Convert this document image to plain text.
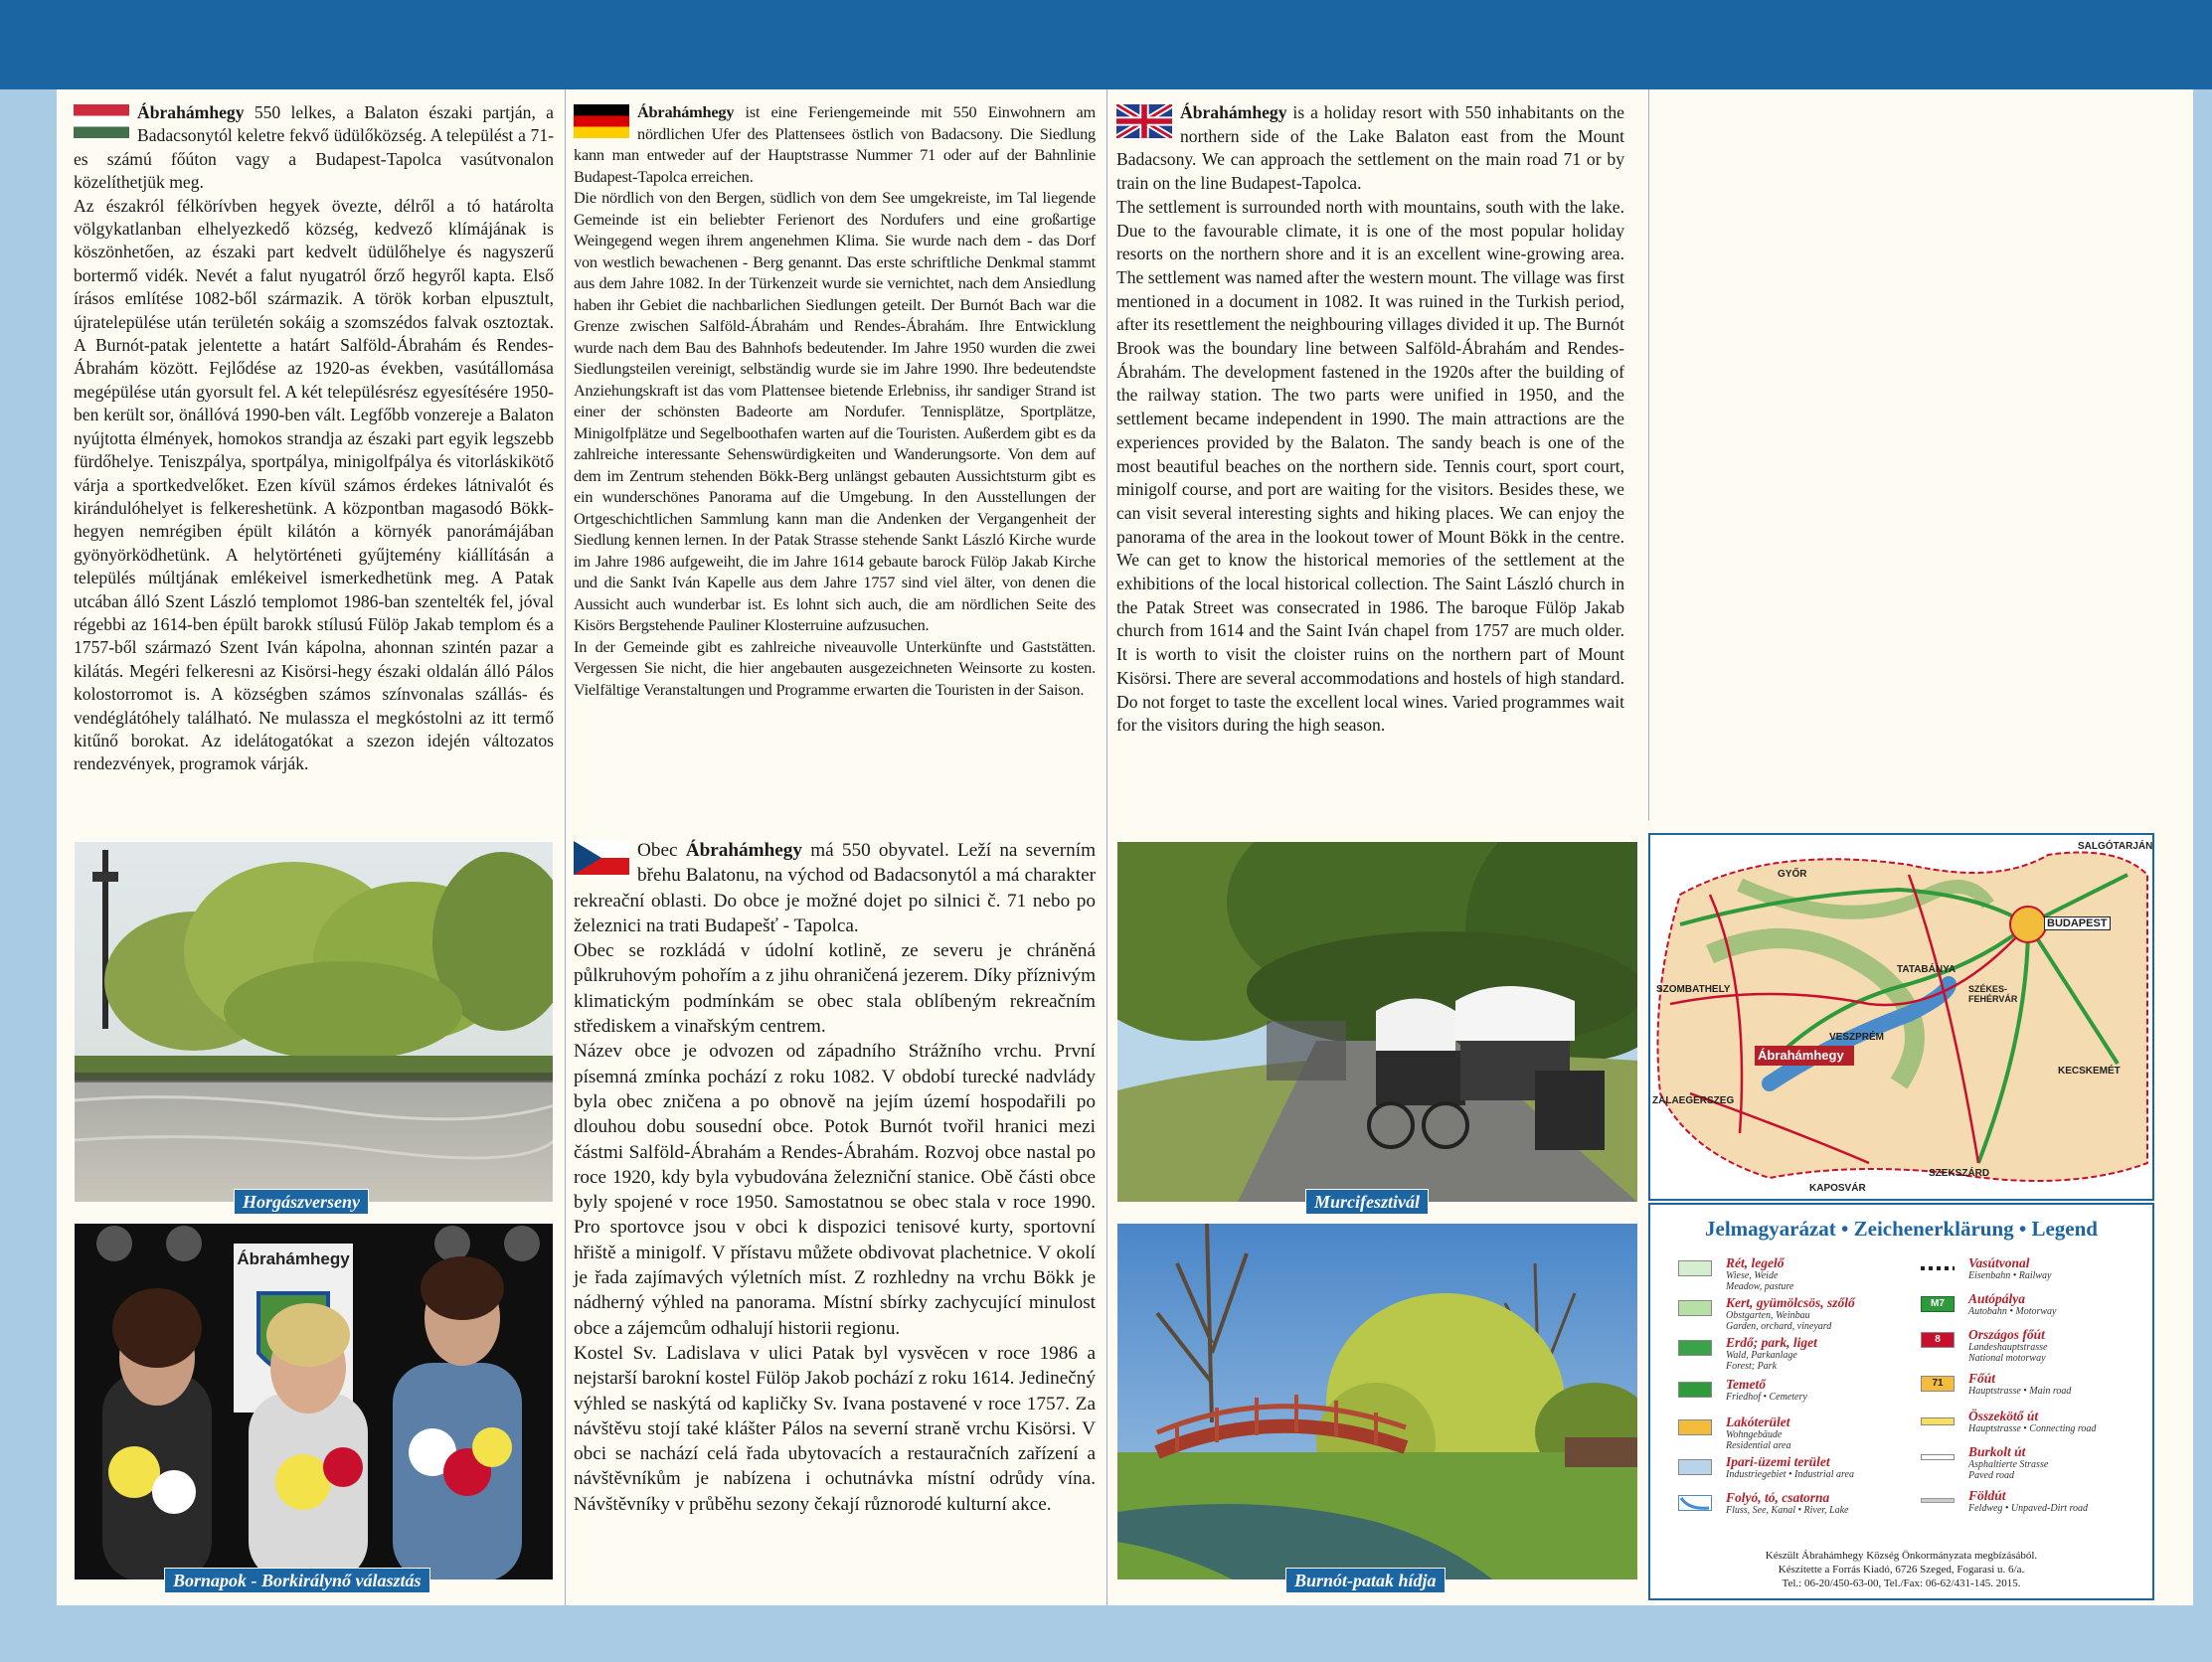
Ábrahámhegy 550 lelkes, a Balaton északi partján, a Badacsonytól keletre fekvő üdülőközség. A települést a 71-es számú főúton vagy a Budapest-Tapolca vasútvonalon közelíthetjük meg.

Az északról félkörívben hegyek övezte, délről a tó határolta völgykatlanban elhelyezkedő község, kedvező klímájának is köszönhetően, az északi part kedvelt üdülőhelye és nagyszerű bortermő vidék. Nevét a falut nyugatról őrző hegyről kapta. Első írásos említése 1082-ből származik. A török korban elpusztult, újratelepülése után területén sokáig a szomszédos falvak osztoztak. A Burnót-patak jelentette a határt Salföld-Ábrahám és Rendes-Ábrahám között. Fejlődése az 1920-as években, vasútállomása megépülése után gyorsult fel. A két településrész egyesítésére 1950-ben került sor, önállóvá 1990-ben vált. Legfőbb vonzereje a Balaton nyújtotta élmények, homokos strandja az északi part egyik legszebb fürdőhelye. Teniszpálya, sportpálya, minigolfpálya és vitorláskikötő várja a sportkedvelőket. Ezen kívül számos érdekes látnivalót és kirándulóhelyet is felkereshetünk. A központban magasodó Bökk-hegyen nemrégiben épült kilátón a környék panorámájában gyönyörködhetünk. A helytörténeti gyűjtemény kiállításán a település múltjának emlékeivel ismerkedhetünk meg. A Patak utcában álló Szent László templomot 1986-ban szentelték fel, jóval régebbi az 1614-ben épült barokk stílusú Fülöp Jakab templom és a 1757-ből származó Szent Iván kápolna, ahonnan szintén pazar a kilátás. Megéri felkeresni az Kisörsi-hegy északi oldalán álló Pálos kolostorromot is. A községben számos színvonalas szállás- és vendéglátóhely található. Ne mulassza el megkóstolni az itt termő kitűnő borokat. Az idelátogatókat a szezon idején változatos rendezvények, programok várják.

Ábrahámhegy ist eine Feriengemeinde mit 550 Einwohnern am nördlichen Ufer des Plattensees östlich von Badacsony. Die Siedlung kann man entweder auf der Hauptstrasse Nummer 71 oder auf der Bahnlinie Budapest-Tapolca erreichen.

Die nördlich von den Bergen, südlich von dem See umgekreiste, im Tal liegende Gemeinde ist ein beliebter Ferienort des Nordufers und eine großartige Weingegend wegen ihrem angenehmen Klima. Sie wurde nach dem - das Dorf von westlich bewachenen - Berg genannt. Das erste schriftliche Denkmal stammt aus dem Jahre 1082. In der Türkenzeit wurde sie vernichtet, nach dem Ansiedlung haben ihr Gebiet die nachbarlichen Siedlungen geteilt. Der Burnót Bach war die Grenze zwischen Salföld-Ábrahám und Rendes-Ábrahám. Ihre Entwicklung wurde nach dem Bau des Bahnhofs bedeutender. Im Jahre 1950 wurden die zwei Siedlungsteilen vereinigt, selbständig wurde sie im Jahre 1990. Ihre bedeutendste Anziehungskraft ist das vom Plattensee bietende Erlebniss, ihr sandiger Strand ist einer der schönsten Badeorte am Nordufer. Tennisplätze, Sportplätze, Minigolfplätze und Segelboothafen warten auf die Touristen. Außerdem gibt es da zahlreiche interessante Sehenswürdigkeiten und Wanderungsorte. Von dem auf dem im Zentrum stehenden Bökk-Berg unlängst gebauten Aussichtsturm gibt es ein wunderschönes Panorama auf die Umgebung. In den Ausstellungen der Ortgeschichtlichen Sammlung kann man die Andenken der Vergangenheit der Siedlung kennen lernen. In der Patak Strasse stehende Sankt László Kirche wurde im Jahre 1986 aufgeweiht, die im Jahre 1614 gebaute barock Fülöp Jakab Kirche und die Sankt Iván Kapelle aus dem Jahre 1757 sind viel älter, von denen die Aussicht auch wunderbar ist. Es lohnt sich auch, die am nördlichen Seite des Kisörs Bergstehende Pauliner Klosterruine aufzusuchen.

In der Gemeinde gibt es zahlreiche niveauvolle Unterkünfte und Gaststätten. Vergessen Sie nicht, die hier angebauten ausgezeichneten Weinsorte zu kosten. Vielfältige Veranstaltungen und Programme erwarten die Touristen in der Saison.

Ábrahámhegy is a holiday resort with 550 inhabitants on the northern side of the Lake Balaton east from the Mount Badacsony. We can approach the settlement on the main road 71 or by train on the line Budapest-Tapolca.

The settlement is surrounded north with mountains, south with the lake. Due to the favourable climate, it is one of the most popular holiday resorts on the northern shore and it is an excellent wine-growing area. The settlement was named after the western mount. The village was first mentioned in a document in 1082. It was ruined in the Turkish period, after its resettlement the neighbouring villages divided it up. The Burnót Brook was the boundary line between Salföld-Ábrahám and Rendes-Ábrahám. The development fastened in the 1920s after the building of the railway station. The two parts were unified in 1950, and the settlement became independent in 1990. The main attractions are the experiences provided by the Balaton. The sandy beach is one of the most beautiful beaches on the northern side. Tennis court, sport court, minigolf course, and port are waiting for the visitors. Besides these, we can visit several interesting sights and hiking places. We can enjoy the panorama of the area in the lookout tower of Mount Bökk in the centre. We can get to know the historical memories of the settlement at the exhibitions of the local historical collection. The Saint László church in the Patak Street was consecrated in 1986. The baroque Fülöp Jakab church from 1614 and the Saint Iván chapel from 1757 are much older. It is worth to visit the cloister ruins on the northern part of Mount Kisörsi. There are several accommodations and hostels of high standard. Do not forget to taste the excellent local wines. Varied programmes wait for the visitors during the high season.

Obec Ábrahámhegy má 550 obyvatel. Leží na severním břehu Balatonu, na východ od Badacsonytól a má charakter rekreační oblasti. Do obce je možné dojet po silnici č. 71 nebo po železnici na trati Budapešť - Tapolca.

Obec se rozkládá v údolní kotlině, ze severu je chráněná půlkruhovým pohořím a z jihu ohraničená jezerem. Díky příznivým klimatickým podmínkám se obec stala oblíbeným rekreačním střediskem a vinařským centrem.

Název obce je odvozen od západního Strážního vrchu. První písemná zmínka pochází z roku 1082. V období turecké nadvlády byla obec zničena a po obnově na jejím území hospodařili po dlouhou dobu sousední obce. Potok Burnót tvořil hranici mezi částmi Salföld-Ábrahám a Rendes-Ábrahám. Rozvoj obce nastal po roce 1920, kdy byla vybudována železniční stanice. Obě části obce byly spojené v roce 1950. Samostatnou se obec stala v roce 1990. Pro sportovce jsou v obci k dispozici tenisové kurty, sportovní hřiště a minigolf. V přístavu můžete obdivovat plachetnice. V okolí je řada zajímavých výletních míst. Z rozhledny na vrchu Bökk je nádherný výhled na panorama. Místní sbírky zachycující minulost obce a zájemcům odhalují historii regionu.

Kostel Sv. Ladislava v ulici Patak byl vysvěcen v roce 1986 a nejstarší barokní kostel Fülöp Jakob pochází z roku 1614. Jedinečný výhled se naskýtá od kapličky Sv. Ivana postavené v roce 1757. Za návštěvu stojí také klášter Pálos na severní straně vrchu Kisörsi. V obci se nachází celá řada ubytovacích a restauračních zařízení a návštěvníkům je nabízena i ochutnávka místní odrůdy vína. Návštěvníky v průběhu sezony čekají různorodé kulturní akce.

Horgászverseny
Ábrahámhegy
Bornapok - Borkirálynő választás
Murcifesztivál
Burnót-patak hídja
Ábrahámhegy
SALGÓTARJÁN
GYŐR
TATABÁNYA
BUDAPEST
SZÉKES-
FEHÉRVÁR
SZOMBATHELY
VESZPRÉM
KECSKEMÉT
ZALAEGERSZEG
SZEKSZÁRD
KAPOSVÁR
Jelmagyarázat • Zeichenerklärung • Legend
Rét, legelő
Wiese, Weide
Meadow, pasture
Kert, gyümölcsös, szőlő
Obstgarten, Weinbau
Garden, orchard, vineyard
Erdő; park, liget
Wald, Parkanlage
Forest; Park
Temető
Friedhof • Cemetery
Lakóterület
Wohngebäude
Residential area
Ipari-üzemi terület
Industriegebiet • Industrial area
Folyó, tó, csatorna
Fluss, See, Kanal • River, Lake
Vasútvonal
Eisenbahn • Railway
M7	Autópálya
Autobahn • Motorway
8	Országos főút
Landeshauptstrasse
National motorway
71	Főút
Hauptstrasse • Main road
Összekötő út
Hauptstrasse • Connecting road
Burkolt út
Asphaltierte Strasse
Paved road
Földút
Feldweg • Unpaved-Dirt road
Készült Ábrahámhegy Község Önkormányzata megbízásából.
Készítette a Forrás Kiadó, 6726 Szeged, Fogarasi u. 6/a.
Tel.: 06-20/450-63-00, Tel./Fax: 06-62/431-145. 2015.
